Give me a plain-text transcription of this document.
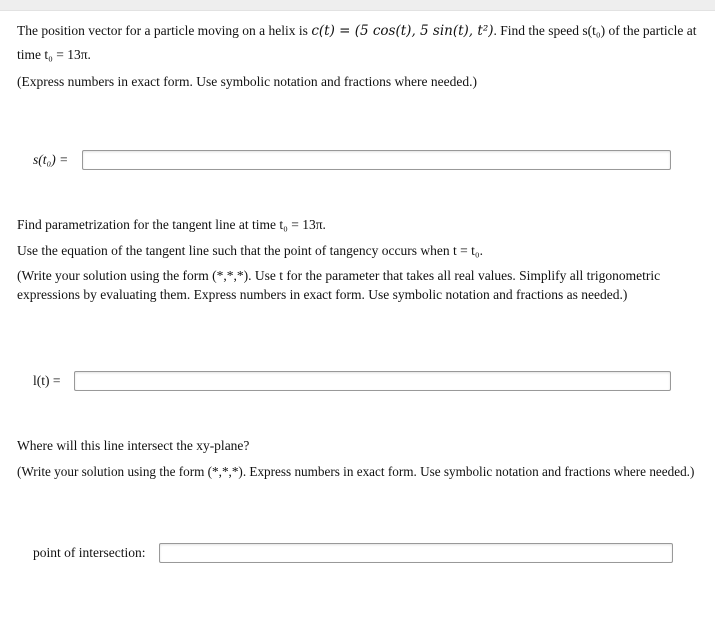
The position vector for a particle moving on a helix is c(t) = (5 cos(t), 5 sin(t), t²). Find the speed s(t₀) of the particle at

time t₀ = 13π.

(Express numbers in exact form. Use symbolic notation and fractions where needed.)

s(t₀) =

Find parametrization for the tangent line at time t₀ = 13π.

Use the equation of the tangent line such that the point of tangency occurs when t = t₀.

(Write your solution using the form (*,*,*). Use t for the parameter that takes all real values. Simplify all trigonometric expressions by evaluating them. Express numbers in exact form. Use symbolic notation and fractions as needed.)

l(t) =

Where will this line intersect the xy-plane?

(Write your solution using the form (*,*,*). Express numbers in exact form. Use symbolic notation and fractions where needed.)

point of intersection:
